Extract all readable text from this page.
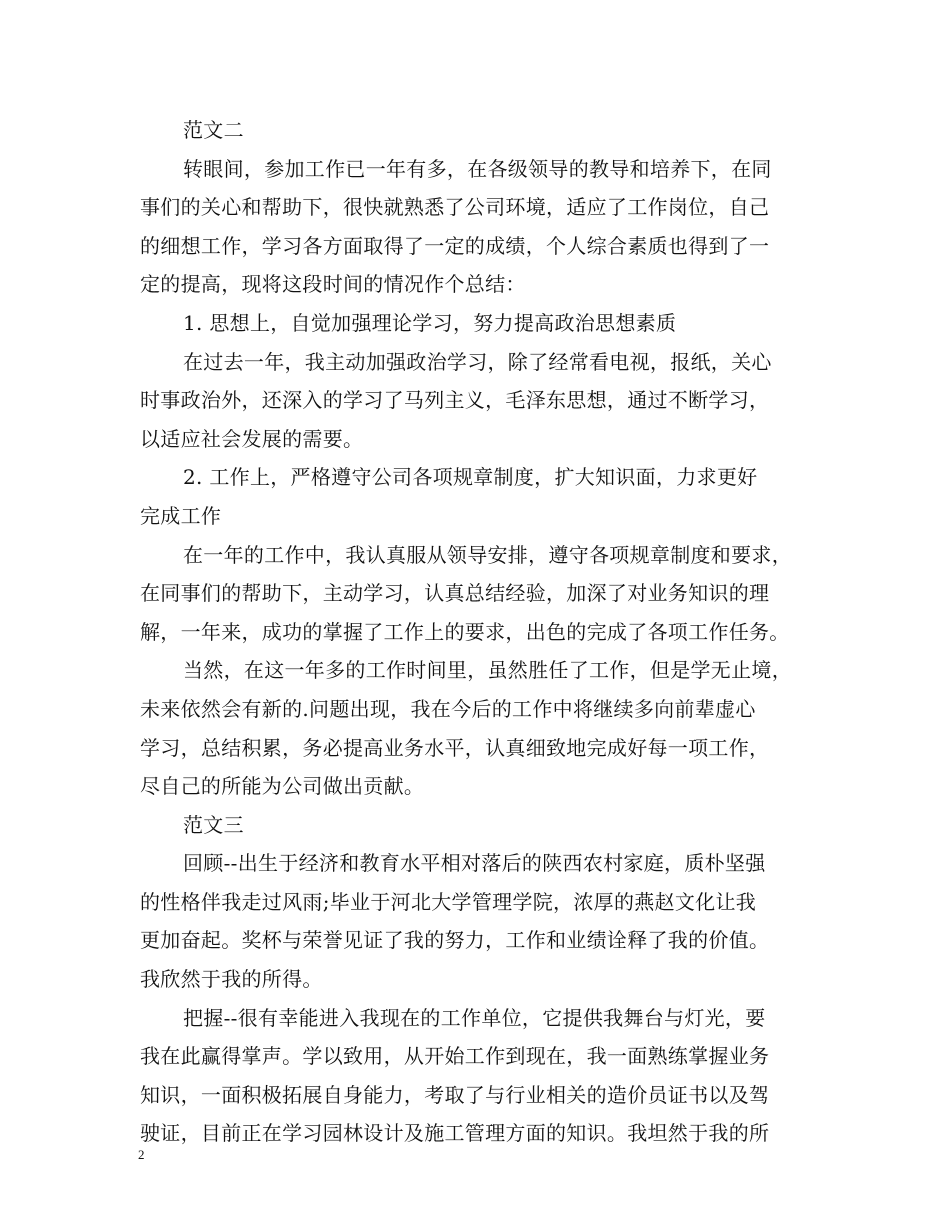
范文二
转眼间，参加工作已一年有多，在各级领导的教导和培养下，在同
事们的关心和帮助下，很快就熟悉了公司环境，适应了工作岗位，自己
的细想工作，学习各方面取得了一定的成绩，个人综合素质也得到了一
定的提高，现将这段时间的情况作个总结：
1. 思想上，自觉加强理论学习，努力提高政治思想素质
在过去一年，我主动加强政治学习，除了经常看电视，报纸，关心
时事政治外，还深入的学习了马列主义，毛泽东思想，通过不断学习，
以适应社会发展的需要。
2. 工作上，严格遵守公司各项规章制度，扩大知识面，力求更好
完成工作
在一年的工作中，我认真服从领导安排，遵守各项规章制度和要求，
在同事们的帮助下，主动学习，认真总结经验，加深了对业务知识的理
解，一年来，成功的掌握了工作上的要求，出色的完成了各项工作任务。
当然，在这一年多的工作时间里，虽然胜任了工作，但是学无止境，
未来依然会有新的.问题出现，我在今后的工作中将继续多向前辈虚心
学习，总结积累，务必提高业务水平，认真细致地完成好每一项工作，
尽自己的所能为公司做出贡献。
范文三
回顾--出生于经济和教育水平相对落后的陕西农村家庭，质朴坚强
的性格伴我走过风雨;毕业于河北大学管理学院，浓厚的燕赵文化让我
更加奋起。奖杯与荣誉见证了我的努力，工作和业绩诠释了我的价值。
我欣然于我的所得。
把握--很有幸能进入我现在的工作单位，它提供我舞台与灯光，要
我在此赢得掌声。学以致用，从开始工作到现在，我一面熟练掌握业务
知识，一面积极拓展自身能力，考取了与行业相关的造价员证书以及驾
驶证，目前正在学习园林设计及施工管理方面的知识。我坦然于我的所
2
